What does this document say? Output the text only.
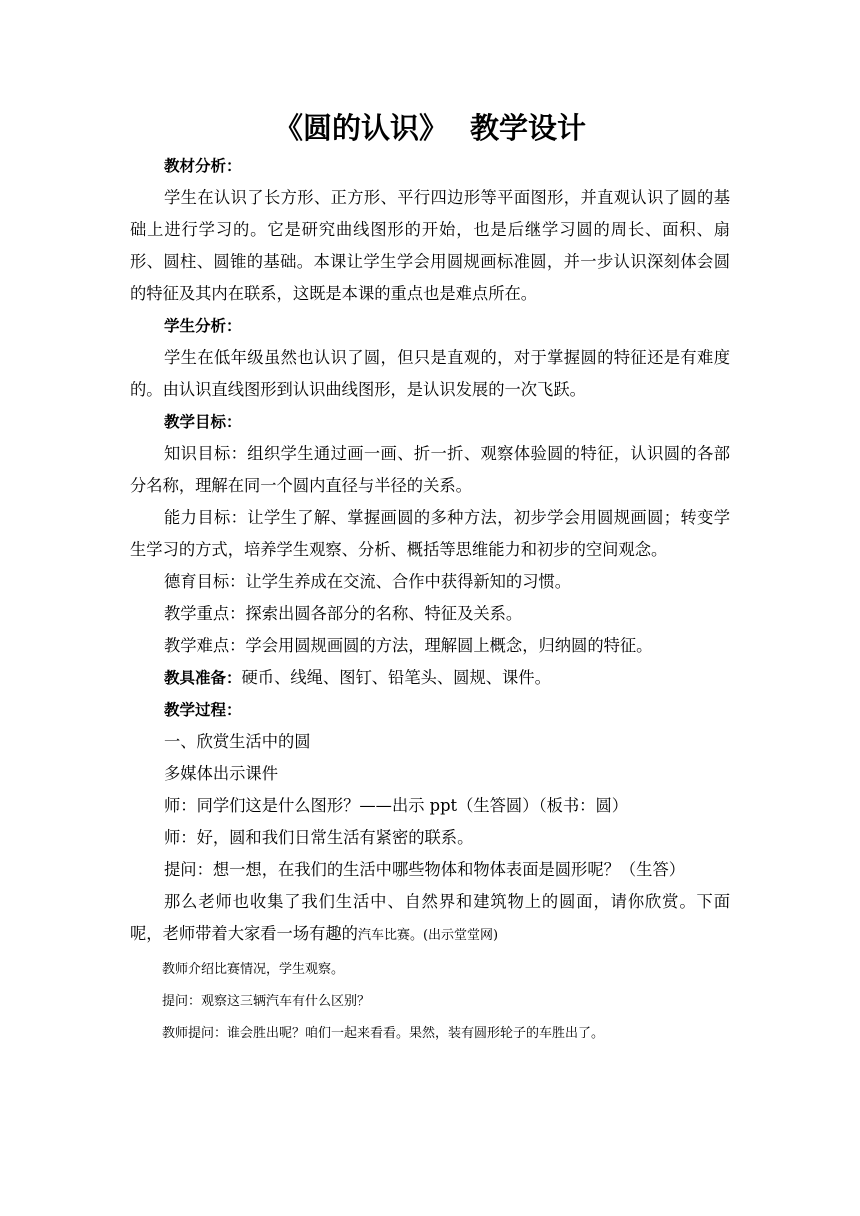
《圆的认识》 教学设计

教材分析：

学生在认识了长方形、正方形、平行四边形等平面图形，并直观认识了圆的基础上进行学习的。它是研究曲线图形的开始，也是后继学习圆的周长、面积、扇形、圆柱、圆锥的基础。本课让学生学会用圆规画标准圆，并一步认识深刻体会圆的特征及其内在联系，这既是本课的重点也是难点所在。

学生分析：

学生在低年级虽然也认识了圆，但只是直观的，对于掌握圆的特征还是有难度的。由认识直线图形到认识曲线图形，是认识发展的一次飞跃。

教学目标：

知识目标：组织学生通过画一画、折一折、观察体验圆的特征，认识圆的各部分名称，理解在同一个圆内直径与半径的关系。

能力目标：让学生了解、掌握画圆的多种方法，初步学会用圆规画圆；转变学生学习的方式，培养学生观察、分析、概括等思维能力和初步的空间观念。

德育目标：让学生养成在交流、合作中获得新知的习惯。

教学重点：探索出圆各部分的名称、特征及关系。

教学难点：学会用圆规画圆的方法，理解圆上概念，归纳圆的特征。

教具准备：硬币、线绳、图钉、铅笔头、圆规、课件。

教学过程：

一、欣赏生活中的圆

多媒体出示课件

师：同学们这是什么图形？——出示 ppt（生答圆）（板书：圆）

师：好，圆和我们日常生活有紧密的联系。

提问：想一想，在我们的生活中哪些物体和物体表面是圆形呢？（生答）

那么老师也收集了我们生活中、自然界和建筑物上的圆面，请你欣赏。下面呢，老师带着大家看一场有趣的汽车比赛。(出示堂堂网)

教师介绍比赛情况，学生观察。

提问：观察这三辆汽车有什么区别？

教师提问：谁会胜出呢？咱们一起来看看。果然，装有圆形轮子的车胜出了。
